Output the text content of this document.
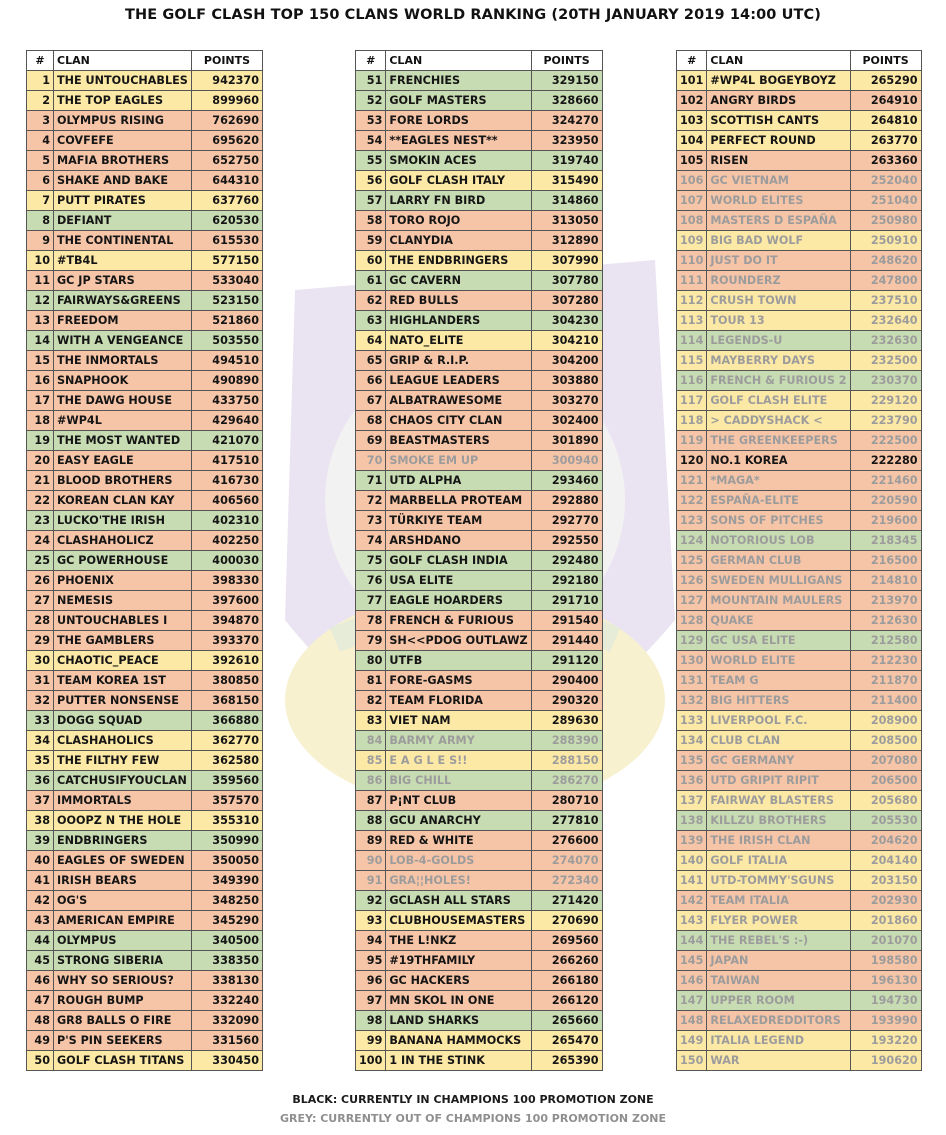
THE GOLF CLASH TOP 150 CLANS WORLD RANKING (20TH JANUARY 2019 14:00 UTC)
#	CLAN	POINTS
1	THE UNTOUCHABLES	942370
2	THE TOP EAGLES	899960
3	OLYMPUS RISING	762690
4	COVFEFE	695620
5	MAFIA BROTHERS	652750
6	SHAKE AND BAKE	644310
7	PUTT PIRATES	637760
8	DEFIANT	620530
9	THE CONTINENTAL	615530
10	#TB4L	577150
11	GC JP STARS	533040
12	FAIRWAYS&GREENS	523150
13	FREEDOM	521860
14	WITH A VENGEANCE	503550
15	THE INMORTALS	494510
16	SNAPHOOK	490890
17	THE DAWG HOUSE	433750
18	#WP4L	429640
19	THE MOST WANTED	421070
20	EASY EAGLE	417510
21	BLOOD BROTHERS	416730
22	KOREAN CLAN KAY	406560
23	LUCKO'THE IRISH	402310
24	CLASHAHOLICZ	402250
25	GC POWERHOUSE	400030
26	PHOENIX	398330
27	NEMESIS	397600
28	UNTOUCHABLES I	394870
29	THE GAMBLERS	393370
30	CHAOTIC_PEACE	392610
31	TEAM KOREA 1ST	380850
32	PUTTER NONSENSE	368150
33	DOGG SQUAD	366880
34	CLASHAHOLICS	362770
35	THE FILTHY FEW	362580
36	CATCHUSIFYOUCLAN	359560
37	IMMORTALS	357570
38	OOOPZ N THE HOLE	355310
39	ENDBRINGERS	350990
40	EAGLES OF SWEDEN	350050
41	IRISH BEARS	349390
42	OG'S	348250
43	AMERICAN EMPIRE	345290
44	OLYMPUS	340500
45	STRONG SIBERIA	338350
46	WHY SO SERIOUS?	338130
47	ROUGH BUMP	332240
48	GR8 BALLS O FIRE	332090
49	P'S PIN SEEKERS	331560
50	GOLF CLASH TITANS	330450
#	CLAN	POINTS
51	FRENCHIES	329150
52	GOLF MASTERS	328660
53	FORE LORDS	324270
54	**EAGLES NEST**	323950
55	SMOKIN ACES	319740
56	GOLF CLASH ITALY	315490
57	LARRY FN BIRD	314860
58	TORO ROJO	313050
59	CLANYDIA	312890
60	THE ENDBRINGERS	307990
61	GC CAVERN	307780
62	RED BULLS	307280
63	HIGHLANDERS	304230
64	NATO_ELITE	304210
65	GRIP & R.I.P.	304200
66	LEAGUE LEADERS	303880
67	ALBATRAWESOME	303270
68	CHAOS CITY CLAN	302400
69	BEASTMASTERS	301890
70	SMOKE EM UP	300940
71	UTD ALPHA	293460
72	MARBELLA PROTEAM	292880
73	TÜRKIYE TEAM	292770
74	ARSHDANO	292550
75	GOLF CLASH INDIA	292480
76	USA ELITE	292180
77	EAGLE HOARDERS	291710
78	FRENCH & FURIOUS	291540
79	SH<<PDOG OUTLAWZ	291440
80	UTFB	291120
81	FORE-GASMS	290400
82	TEAM FLORIDA	290320
83	VIET NAM	289630
84	BARMY ARMY	288390
85	E A G L E S!!	288150
86	BIG CHILL	286270
87	P¡NT CLUB	280710
88	GCU ANARCHY	277810
89	RED & WHITE	276600
90	LOB-4-GOLDS	274070
91	GRA¦¦HOLES!	272340
92	GCLASH ALL STARS	271420
93	CLUBHOUSEMASTERS	270690
94	THE L!NKZ	269560
95	#19THFAMILY	266260
96	GC HACKERS	266180
97	MN SKOL IN ONE	266120
98	LAND SHARKS	265660
99	BANANA HAMMOCKS	265470
100	1 IN THE STINK	265390
#	CLAN	POINTS
101	#WP4L BOGEYBOYZ	265290
102	ANGRY BIRDS	264910
103	SCOTTISH CANTS	264810
104	PERFECT ROUND	263770
105	RISEN	263360
106	GC VIETNAM	252040
107	WORLD ELITES	251040
108	MASTERS D ESPAÑA	250980
109	BIG BAD WOLF	250910
110	JUST DO IT	248620
111	ROUNDERZ	247800
112	CRUSH TOWN	237510
113	TOUR 13	232640
114	LEGENDS-U	232630
115	MAYBERRY DAYS	232500
116	FRENCH & FURIOUS 2	230370
117	GOLF CLASH ELITE	229120
118	> CADDYSHACK <	223790
119	THE GREENKEEPERS	222500
120	NO.1 KOREA	222280
121	*MAGA*	221460
122	ESPAÑA-ELITE	220590
123	SONS OF PITCHES	219600
124	NOTORIOUS LOB	218345
125	GERMAN CLUB	216500
126	SWEDEN MULLIGANS	214810
127	MOUNTAIN MAULERS	213970
128	QUAKE	212630
129	GC USA ELITE	212580
130	WORLD ELITE	212230
131	TEAM G	211870
132	BIG HITTERS	211400
133	LIVERPOOL F.C.	208900
134	CLUB CLAN	208500
135	GC GERMANY	207080
136	UTD GRIPIT RIPIT	206500
137	FAIRWAY BLASTERS	205680
138	KILLZU BROTHERS	205530
139	THE IRISH CLAN	204620
140	GOLF ITALIA	204140
141	UTD-TOMMY'SGUNS	203150
142	TEAM ITALIA	202930
143	FLYER POWER	201860
144	THE REBEL'S :-)	201070
145	JAPAN	198580
146	TAIWAN	196130
147	UPPER ROOM	194730
148	RELAXEDREDDITORS	193990
149	ITALIA LEGEND	193220
150	WAR	190620
BLACK: CURRENTLY IN CHAMPIONS 100 PROMOTION ZONE
GREY: CURRENTLY OUT OF CHAMPIONS 100 PROMOTION ZONE
